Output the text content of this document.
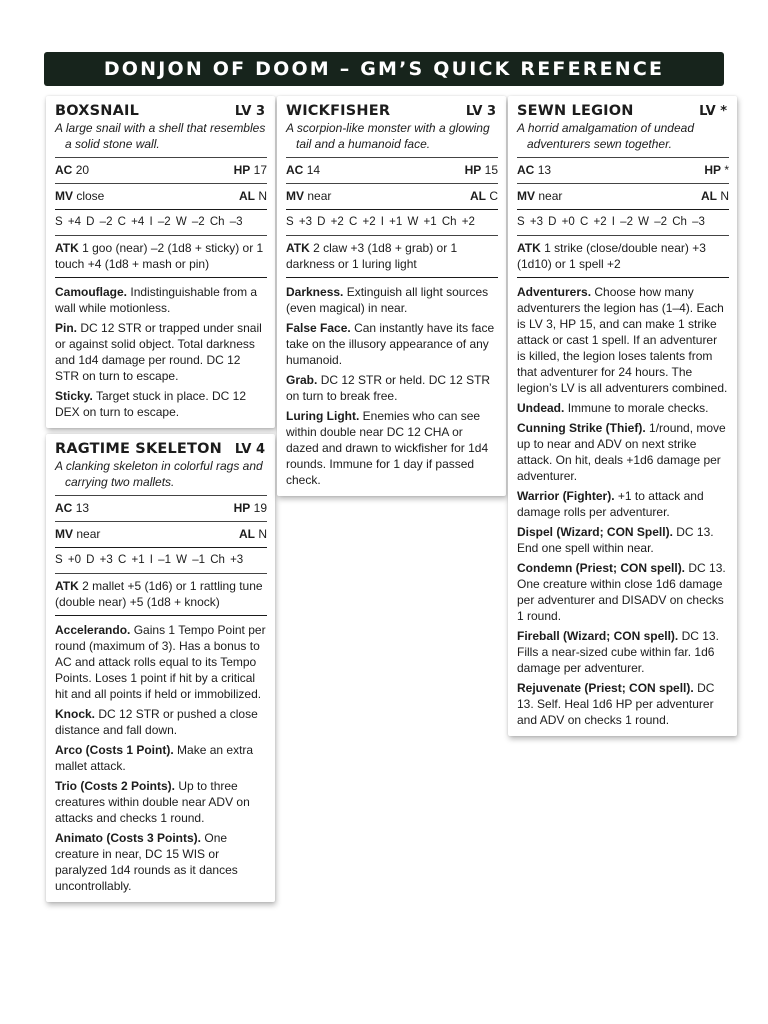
DONJON OF DOOM – GM’S QUICK REFERENCE
BOXSNAIL	LV 3
A large snail with a shell that resembles a solid stone wall.
AC 20	HP 17
MV close	AL N
S +4 D –2 C +4 I –2 W –2 Ch –3
ATK 1 goo (near) –2 (1d8 + sticky) or 1 touch +4 (1d8 + mash or pin)
Camouflage. Indistinguishable from a wall while motionless.
Pin. DC 12 STR or trapped under snail or against solid object. Total darkness and 1d4 damage per round. DC 12 STR on turn to escape.
Sticky. Target stuck in place. DC 12 DEX on turn to escape.
RAGTIME SKELETON LV 4
A clanking skeleton in colorful rags and carrying two mallets.
AC 13	HP 19
MV near	AL N
S +0 D +3 C +1 I –1 W –1 Ch +3
ATK 2 mallet +5 (1d6) or 1 rattling tune (double near) +5 (1d8 + knock)
Accelerando. Gains 1 Tempo Point per round (maximum of 3). Has a bonus to AC and attack rolls equal to its Tempo Points. Loses 1 point if hit by a critical hit and all points if held or immobilized.
Knock. DC 12 STR or pushed a close distance and fall down.
Arco (Costs 1 Point). Make an extra mallet attack.
Trio (Costs 2 Points). Up to three creatures within double near ADV on attacks and checks 1 round.
Animato (Costs 3 Points). One creature in near, DC 15 WIS or paralyzed 1d4 rounds as it dances uncontrollably.
WICKFISHER	LV 3
A scorpion-like monster with a glowing tail and a humanoid face.
AC 14	HP 15
MV near	AL C
S +3 D +2 C +2 I +1 W +1 Ch +2
ATK 2 claw +3 (1d8 + grab) or 1 darkness or 1 luring light
Darkness. Extinguish all light sources (even magical) in near.
False Face. Can instantly have its face take on the illusory appearance of any humanoid.
Grab. DC 12 STR or held. DC 12 STR on turn to break free.
Luring Light. Enemies who can see within double near DC 12 CHA or dazed and drawn to wickfisher for 1d4 rounds. Immune for 1 day if passed check.
SEWN LEGION	LV *
A horrid amalgamation of undead adventurers sewn together.
AC 13	HP *
MV near	AL N
S +3 D +0 C +2 I –2 W –2 Ch –3
ATK 1 strike (close/double near) +3 (1d10) or 1 spell +2
Adventurers. Choose how many adventurers the legion has (1–4). Each is LV 3, HP 15, and can make 1 strike attack or cast 1 spell. If an adventurer is killed, the legion loses talents from that adventurer for 24 hours. The legion’s LV is all adventurers combined.
Undead. Immune to morale checks.
Cunning Strike (Thief). 1/round, move up to near and ADV on next strike attack. On hit, deals +1d6 damage per adventurer.
Warrior (Fighter). +1 to attack and damage rolls per adventurer.
Dispel (Wizard; CON Spell). DC 13. End one spell within near.
Condemn (Priest; CON spell). DC 13. One creature within close 1d6 damage per adventurer and DISADV on checks 1 round.
Fireball (Wizard; CON spell). DC 13. Fills a near-sized cube within far. 1d6 damage per adventurer.
Rejuvenate (Priest; CON spell). DC 13. Self. Heal 1d6 HP per adventurer and ADV on checks 1 round.
